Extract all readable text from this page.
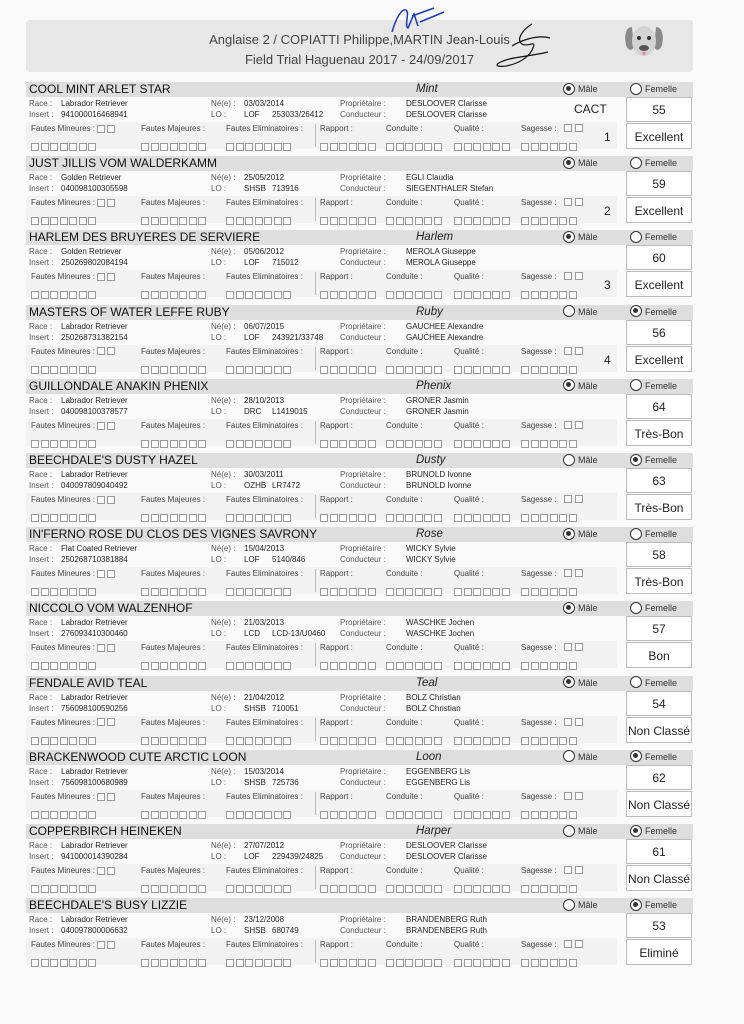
Anglaise 2 / COPIATTI Philippe,MARTIN Jean-Louis
Field Trial Haguenau 2017 - 24/09/2017
COOL MINT ARLET STAR	Mint	Mâle	Femelle
Race : Labrador Retriever
Insert : 941000016468941
Né(e) : 03/03/2014
LO : LOF 253033/26412
Propriétaire :	DESLOOVER Clarisse
Conducteur :	DESLOOVER Clarisse	CACT	55
Fautes Mineures :	Fautes Majeures :	Fautes Eliminatoires : Rapport :	Conduite :	Qualité :	Sagesse :
1	Excellent
JUST JILLIS VOM WALDERKAMM	Mâle	Femelle
Race : Golden Retriever
Insert : 040098100305598
Né(e) : 25/05/2012
LO : SHSB 713916
Propriétaire :	EGLI Claudia
Conducteur :	SIEGENTHALER Stefan	59
Fautes Mineures :	Fautes Majeures :	Fautes Eliminatoires : Rapport :	Conduite :	Qualité :	Sagesse :
2	Excellent
HARLEM DES BRUYERES DE SERVIERE	Harlem	Mâle	Femelle
Race : Golden Retriever
Insert : 250269802084194
Né(e) : 05/06/2012
LO : LOF 715012
Propriétaire :	MEROLA Giuseppe
Conducteur :	MEROLA Giuseppe	60
Fautes Mineures :	Fautes Majeures :	Fautes Eliminatoires : Rapport :	Conduite :	Qualité :	Sagesse :
3	Excellent
MASTERS OF WATER LEFFE RUBY	Ruby	Mâle	Femelle
Race : Labrador Retriever
Insert : 250268731382154
Né(e) : 06/07/2015
LO : LOF 243921/33748
Propriétaire :	GAUCHEE Alexandre
Conducteur :	GAUCHEE Alexandre	56
Fautes Mineures :	Fautes Majeures :	Fautes Eliminatoires : Rapport :	Conduite :	Qualité :	Sagesse :
4	Excellent
GUILLONDALE ANAKIN PHENIX	Phenix	Mâle	Femelle
Race : Labrador Retriever
Insert : 040098100378577
Né(e) : 28/10/2013
LO : DRC L1419015
Propriétaire :	GRONER Jasmin
Conducteur :	GRONER Jasmin	64
Fautes Mineures :	Fautes Majeures :	Fautes Eliminatoires : Rapport :	Conduite :	Qualité :	Sagesse :
Très-Bon
BEECHDALE'S DUSTY HAZEL	Dusty	Mâle	Femelle
Race : Labrador Retriever
Insert : 040097809040492
Né(e) : 30/03/2011
LO : OZHB LR7472
Propriétaire :	BRUNOLD Ivonne
Conducteur :	BRUNOLD Ivonne	63
Fautes Mineures :	Fautes Majeures :	Fautes Eliminatoires : Rapport :	Conduite :	Qualité :	Sagesse :
Très-Bon
IN'FERNO ROSE DU CLOS DES VIGNES SAVRONY	Rose	Mâle	Femelle
Race : Flat Coated Retriever
Insert : 250268710381884
Né(e) : 15/04/2013
LO : LOF 5140/846
Propriétaire :	WICKY Sylvie
Conducteur :	WICKY Sylvie	58
Fautes Mineures :	Fautes Majeures :	Fautes Eliminatoires : Rapport :	Conduite :	Qualité :	Sagesse :
Très-Bon
NICCOLO VOM WALZENHOF	Mâle	Femelle
Race : Labrador Retriever
Insert : 276093410300460
Né(e) : 21/03/2013
LO : LCD LCD-13/U0460
Propriétaire :	WASCHKE Jochen
Conducteur :	WASCHKE Jochen	57
Fautes Mineures :	Fautes Majeures :	Fautes Eliminatoires : Rapport :	Conduite :	Qualité :	Sagesse :
Bon
FENDALE AVID TEAL	Teal	Mâle	Femelle
Race : Labrador Retriever
Insert : 756098100590256
Né(e) : 21/04/2012
LO : SHSB 710051
Propriétaire :	BOLZ Christian
Conducteur :	BOLZ Christian	54
Fautes Mineures :	Fautes Majeures :	Fautes Eliminatoires : Rapport :	Conduite :	Qualité :	Sagesse :
Non Classé
BRACKENWOOD CUTE ARCTIC LOON	Loon	Mâle	Femelle
Race : Labrador Retriever
Insert : 756098100680989
Né(e) : 15/03/2014
LO : SHSB 725736
Propriétaire :	EGGENBERG Lis
Conducteur :	EGGENBERG Lis	62
Fautes Mineures :	Fautes Majeures :	Fautes Eliminatoires : Rapport :	Conduite :	Qualité :	Sagesse :
Non Classé
COPPERBIRCH HEINEKEN	Harper	Mâle	Femelle
Race : Labrador Retriever
Insert : 941000014390284
Né(e) : 27/07/2012
LO : LOF 229439/24825
Propriétaire :	DESLOOVER Clarisse
Conducteur :	DESLOOVER Clarisse	61
Fautes Mineures :	Fautes Majeures :	Fautes Eliminatoires : Rapport :	Conduite :	Qualité :	Sagesse :
Non Classé
BEECHDALE'S BUSY LIZZIE	Mâle	Femelle
Race : Labrador Retriever
Insert : 040097800006632
Né(e) : 23/12/2008
LO : SHSB 680749
Propriétaire :	BRANDENBERG Ruth
Conducteur :	BRANDENBERG Ruth	53
Fautes Mineures :	Fautes Majeures :	Fautes Eliminatoires : Rapport :	Conduite :	Qualité :	Sagesse :
Eliminé
